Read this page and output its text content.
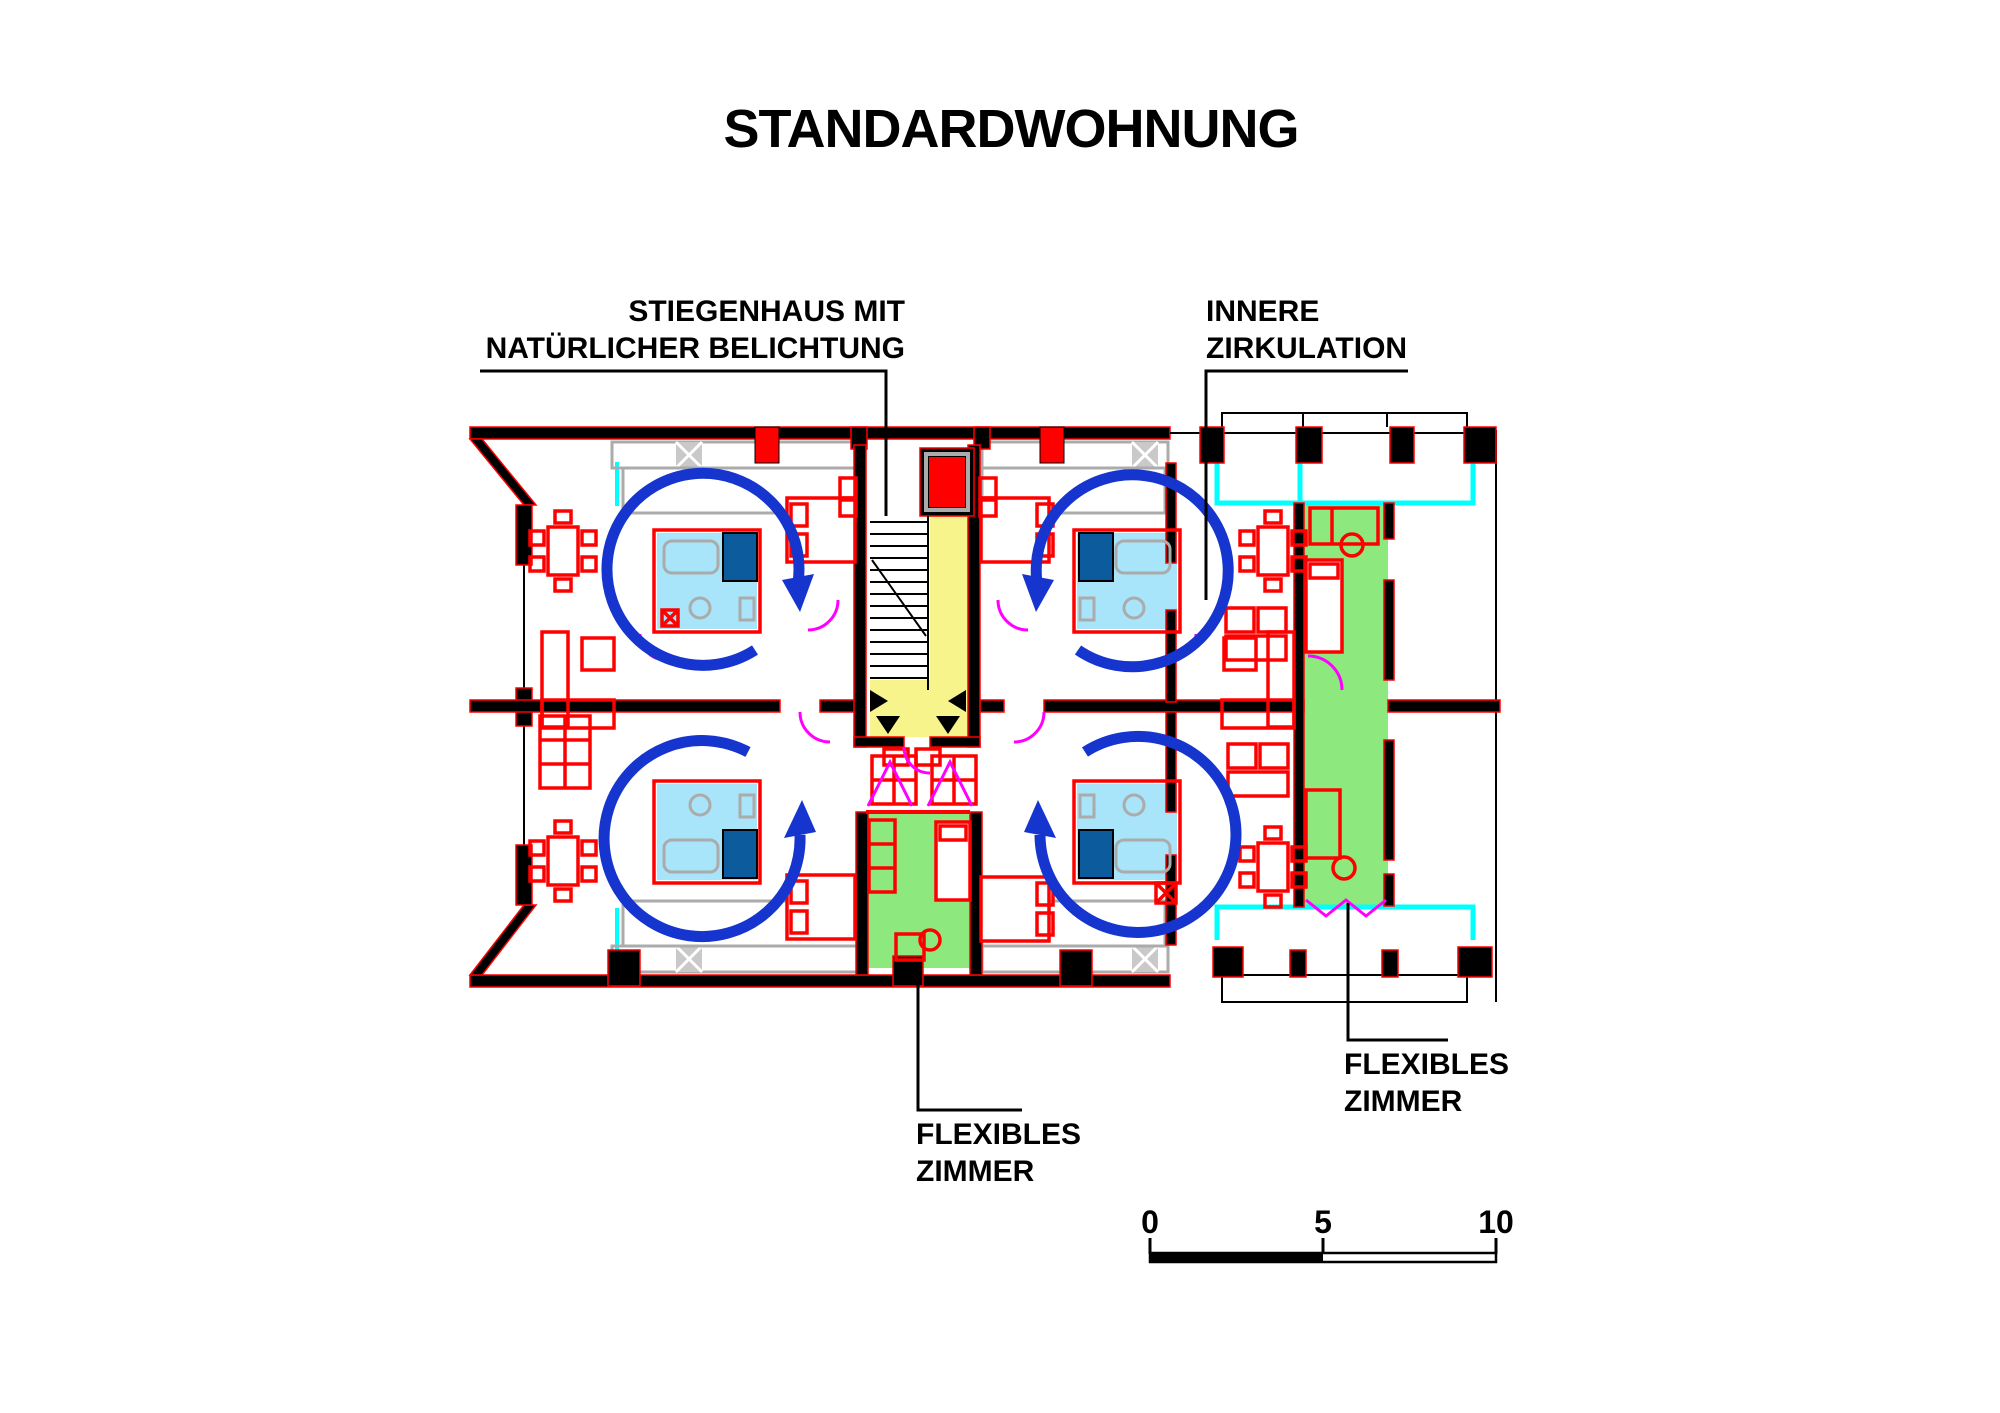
STANDARDWOHNUNG
STIEGENHAUS MIT
NATÜRLICHER BELICHTUNG
INNERE
ZIRKULATION
FLEXIBLES
ZIMMER
FLEXIBLES
ZIMMER
0	5	10
